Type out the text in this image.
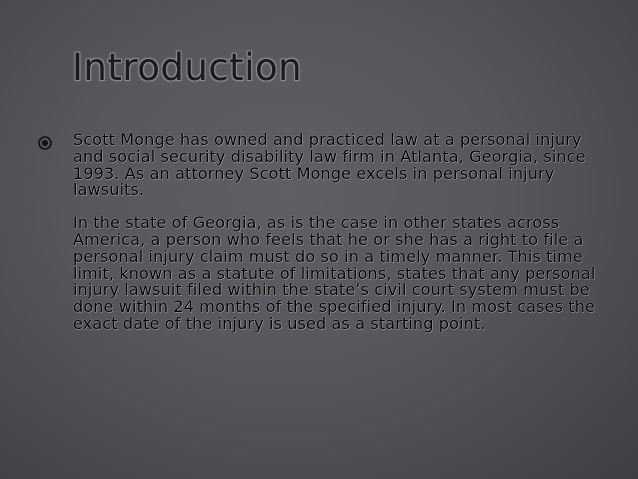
Introduction

Scott Monge has owned and practiced law at a personal injury and social security disability law firm in Atlanta, Georgia, since 1993. As an attorney Scott Monge excels in personal injury lawsuits.

In the state of Georgia, as is the case in other states across America, a person who feels that he or she has a right to file a personal injury claim must do so in a timely manner. This time limit, known as a statute of limitations, states that any personal injury lawsuit filed within the state’s civil court system must be done within 24 months of the specified injury. In most cases the exact date of the injury is used as a starting point.
